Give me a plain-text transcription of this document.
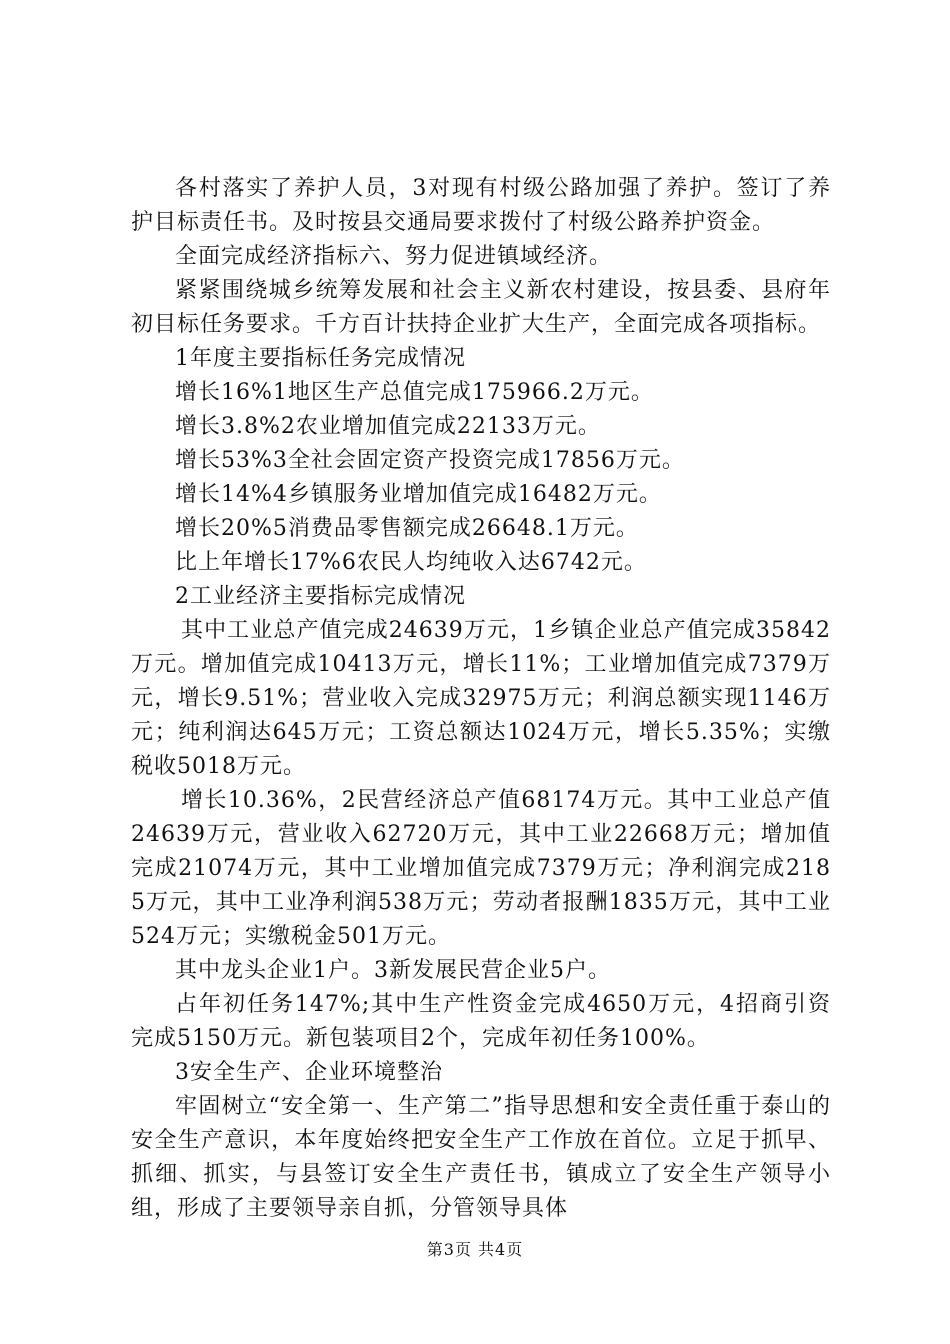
各村落实了养护人员，3对现有村级公路加强了养护。签订了养护目标责任书。及时按县交通局要求拨付了村级公路养护资金。

全面完成经济指标六、努力促进镇域经济。

紧紧围绕城乡统筹发展和社会主义新农村建设，按县委、县府年初目标任务要求。千方百计扶持企业扩大生产，全面完成各项指标。

1年度主要指标任务完成情况

增长16%1地区生产总值完成175966.2万元。

增长3.8%2农业增加值完成22133万元。

增长53%3全社会固定资产投资完成17856万元。

增长14%4乡镇服务业增加值完成16482万元。

增长20%5消费品零售额完成26648.1万元。

比上年增长17%6农民人均纯收入达6742元。

2工业经济主要指标完成情况

其中工业总产值完成24639万元，1乡镇企业总产值完成35842万元。增加值完成10413万元，增长11%；工业增加值完成7379万元，增长9.51%；营业收入完成32975万元；利润总额实现1146万元；纯利润达645万元；工资总额达1024万元，增长5.35%；实缴税收5018万元。

增长10.36%，2民营经济总产值68174万元。其中工业总产值24639万元，营业收入62720万元，其中工业22668万元；增加值完成21074万元，其中工业增加值完成7379万元；净利润完成2185万元，其中工业净利润538万元；劳动者报酬1835万元，其中工业524万元；实缴税金501万元。

其中龙头企业1户。3新发展民营企业5户。

占年初任务147%;其中生产性资金完成4650万元，4招商引资完成5150万元。新包装项目2个，完成年初任务100%。

3安全生产、企业环境整治

牢固树立“安全第一、生产第二”指导思想和安全责任重于泰山的安全生产意识，本年度始终把安全生产工作放在首位。立足于抓早、抓细、抓实，与县签订安全生产责任书，镇成立了安全生产领导小组，形成了主要领导亲自抓，分管领导具体

第3页 共4页
